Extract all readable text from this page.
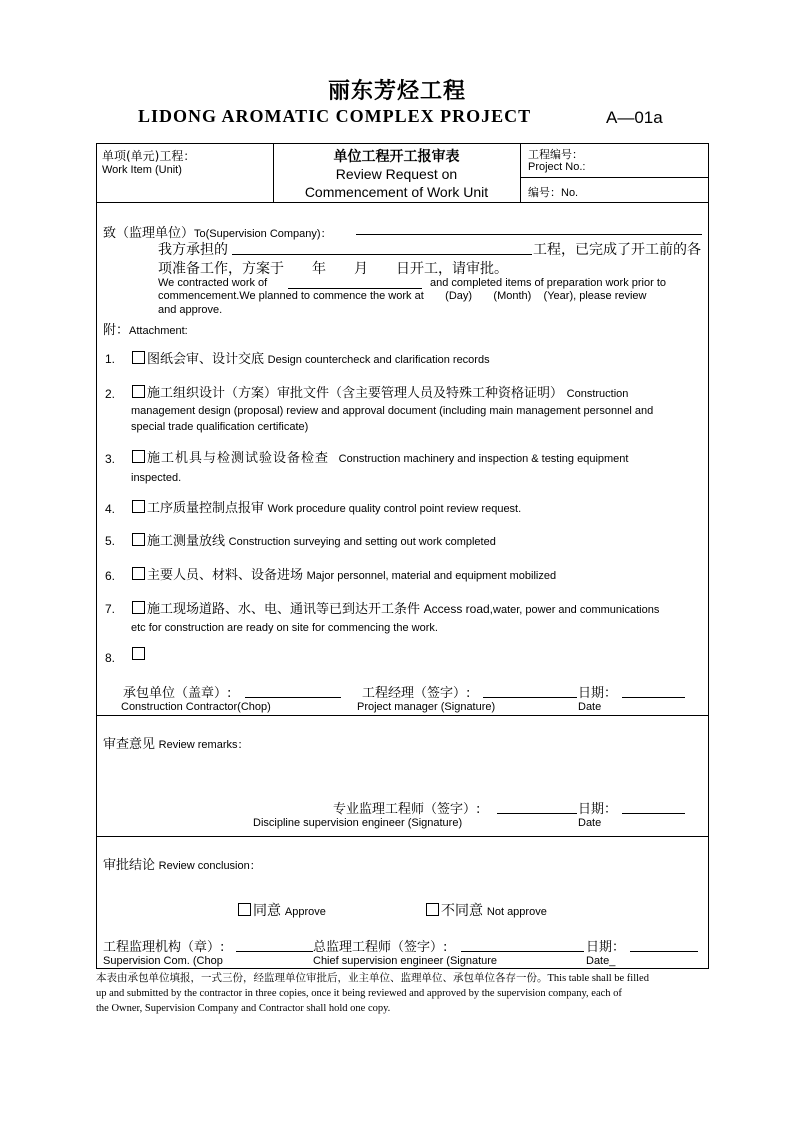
丽东芳烃工程
LIDONG AROMATIC COMPLEX PROJECT	A—01a
单项(单元)工程：
Work Item (Unit)
单位工程开工报审表
Review Request on
Commencement of Work Unit
工程编号：
Project No.:
编号：No.
致（监理单位）To(Supervision Company)：
我方承担的	工程，已完成了开工前的各
项准备工作，方案于　　年　　月　　日开工，请审批。
We contracted work of	and completed items of preparation work prior to
commencement.We planned to commence the work at       (Day)       (Month)    (Year), please review
and approve.
附：Attachment:
1.	图纸会审、设计交底 Design countercheck and clarification records
2.	施工组织设计（方案）审批文件（含主要管理人员及特殊工种资格证明） Construction
management design (proposal) review and approval document (including main management personnel and
special trade qualification certificate)
3.	施工机具与检测试验设备检查 Construction machinery and inspection & testing equipment
inspected.
4.	工序质量控制点报审 Work procedure quality control point review request.
5.	施工测量放线 Construction surveying and setting out work completed
6.	主要人员、材料、设备进场 Major personnel, material and equipment mobilized
7.	施工现场道路、水、电、通讯等已到达开工条件 Access road,water, power and communications
etc for construction are ready on site for commencing the work.
8.
承包单位（盖章）:	工程经理（签字）:	日期：
Construction Contractor(Chop)	Project manager (Signature)	Date
审查意见 Review remarks：
专业监理工程师（签字）:	日期：
Discipline supervision engineer (Signature)	Date
审批结论 Review conclusion：
同意 Approve	不同意 Not approve
工程监理机构（章）:	总监理工程师（签字）:	日期：
Supervision Com. (Chop	Chief supervision engineer (Signature	Date_
本表由承包单位填报，一式三份，经监理单位审批后，业主单位、监理单位、承包单位各存一份。This table shall be filled
up and submitted by the contractor in three copies, once it being reviewed and approved by the supervision company, each of
the Owner, Supervision Company and Contractor shall hold one copy.
